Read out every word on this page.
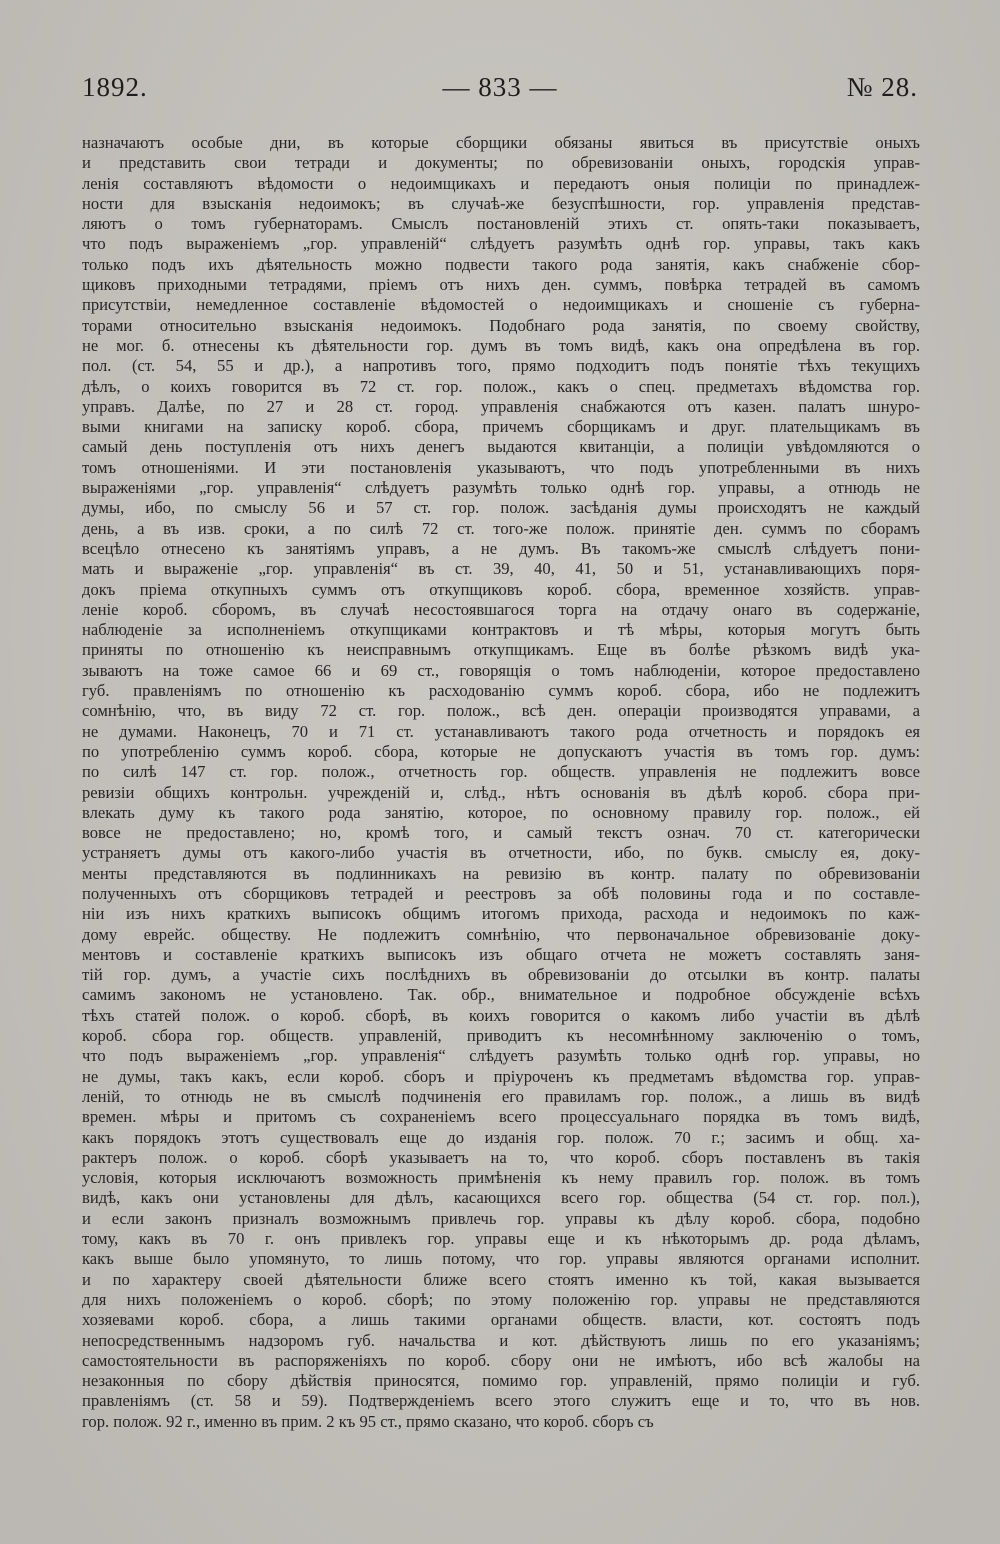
1892.	— 833 —	№ 28.
назначаютъ особые дни, въ которые сборщики обязаны явиться въ присутствіе оныхъ
и представить свои тетради и документы; по обревизованіи оныхъ, городскія управ-
ленія составляютъ вѣдомости о недоимщикахъ и передаютъ оныя полиціи по принадлеж-
ности для взысканія недоимокъ; въ случаѣ-же безуспѣшности, гор. управленія представ-
ляютъ о томъ губернаторамъ. Смыслъ постановленій этихъ ст. опять-таки показываетъ,
что подъ выраженіемъ „гор. управленій“ слѣдуетъ разумѣть однѣ гор. управы, такъ какъ
только подъ ихъ дѣятельность можно подвести такого рода занятія, какъ снабженіе сбор-
щиковъ приходными тетрадями, пріемъ отъ нихъ ден. суммъ, повѣрка тетрадей въ самомъ
присутствіи, немедленное составленіе вѣдомостей о недоимщикахъ и сношеніе съ губерна-
торами относительно взысканія недоимокъ. Подобнаго рода занятія, по своему свойству,
не мог. б. отнесены къ дѣятельности гор. думъ въ томъ видѣ, какъ она опредѣлена въ гор.
пол. (ст. 54, 55 и др.), а напротивъ того, прямо подходитъ подъ понятіе тѣхъ текущихъ
дѣлъ, о коихъ говорится въ 72 ст. гор. полож., какъ о спец. предметахъ вѣдомства гор.
управъ. Далѣе, по 27 и 28 ст. город. управленія снабжаются отъ казен. палатъ шнуро-
выми книгами на записку короб. сбора, причемъ сборщикамъ и друг. плательщикамъ въ
самый день поступленія отъ нихъ денегъ выдаются квитанціи, а полиціи увѣдомляются о
томъ отношеніями. И эти постановленія указываютъ, что подъ употребленными въ нихъ
выраженіями „гор. управленія“ слѣдуетъ разумѣть только однѣ гор. управы, а отнюдь не
думы, ибо, по смыслу 56 и 57 ст. гор. полож. засѣданія думы происходятъ не каждый
день, а въ изв. сроки, а по силѣ 72 ст. того-же полож. принятіе ден. суммъ по сборамъ
всецѣло отнесено къ занятіямъ управъ, а не думъ. Въ такомъ-же смыслѣ слѣдуетъ пони-
мать и выраженіе „гор. управленія“ въ ст. 39, 40, 41, 50 и 51, устанавливающихъ поря-
докъ пріема откупныхъ суммъ отъ откупщиковъ короб. сбора, временное хозяйств. управ-
леніе короб. сборомъ, въ случаѣ несостоявшагося торга на отдачу онаго въ содержаніе,
наблюденіе за исполненіемъ откупщиками контрактовъ и тѣ мѣры, которыя могутъ быть
приняты по отношенію къ неисправнымъ откупщикамъ. Еще въ болѣе рѣзкомъ видѣ ука-
зываютъ на тоже самое 66 и 69 ст., говорящія о томъ наблюденіи, которое предоставлено
губ. правленіямъ по отношенію къ расходованію суммъ короб. сбора, ибо не подлежитъ
сомнѣнію, что, въ виду 72 ст. гор. полож., всѣ ден. операціи производятся управами, а
не думами. Наконецъ, 70 и 71 ст. устанавливаютъ такого рода отчетность и порядокъ ея
по употребленію суммъ короб. сбора, которые не допускаютъ участія въ томъ гор. думъ:
по силѣ 147 ст. гор. полож., отчетность гор. обществ. управленія не подлежитъ вовсе
ревизіи общихъ контрольн. учрежденій и, слѣд., нѣтъ основанія въ дѣлѣ короб. сбора при-
влекать думу къ такого рода занятію, которое, по основному правилу гор. полож., ей
вовсе не предоставлено; но, кромѣ того, и самый текстъ означ. 70 ст. категорически
устраняетъ думы отъ какого-либо участія въ отчетности, ибо, по букв. смыслу ея, доку-
менты представляются въ подлинникахъ на ревизію въ контр. палату по обревизованіи
полученныхъ отъ сборщиковъ тетрадей и реестровъ за обѣ половины года и по составле-
ніи изъ нихъ краткихъ выписокъ общимъ итогомъ прихода, расхода и недоимокъ по каж-
дому еврейс. обществу. Не подлежитъ сомнѣнію, что первоначальное обревизованіе доку-
ментовъ и составленіе краткихъ выписокъ изъ общаго отчета не можетъ составлять заня-
тій гор. думъ, а участіе сихъ послѣднихъ въ обревизованіи до отсылки въ контр. палаты
самимъ закономъ не установлено. Так. обр., внимательное и подробное обсужденіе всѣхъ
тѣхъ статей полож. о короб. сборѣ, въ коихъ говорится о какомъ либо участіи въ дѣлѣ
короб. сбора гор. обществ. управленій, приводитъ къ несомнѣнному заключенію о томъ,
что подъ выраженіемъ „гор. управленія“ слѣдуетъ разумѣть только однѣ гор. управы, но
не думы, такъ какъ, если короб. сборъ и пріуроченъ къ предметамъ вѣдомства гор. управ-
леній, то отнюдь не въ смыслѣ подчиненія его правиламъ гор. полож., а лишь въ видѣ
времен. мѣры и притомъ съ сохраненіемъ всего процессуальнаго порядка въ томъ видѣ,
какъ порядокъ этотъ существовалъ еще до изданія гор. полож. 70 г.; засимъ и общ. ха-
рактеръ полож. о короб. сборѣ указываетъ на то, что короб. сборъ поставленъ въ такія
условія, которыя исключаютъ возможность примѣненія къ нему правилъ гор. полож. въ томъ
видѣ, какъ они установлены для дѣлъ, касающихся всего гор. общества (54 ст. гор. пол.),
и если законъ призналъ возможнымъ привлечь гор. управы къ дѣлу короб. сбора, подобно
тому, какъ въ 70 г. онъ привлекъ гор. управы еще и къ нѣкоторымъ др. рода дѣламъ,
какъ выше было упомянуто, то лишь потому, что гор. управы являются органами исполнит.
и по характеру своей дѣятельности ближе всего стоятъ именно къ той, какая вызывается
для нихъ положеніемъ о короб. сборѣ; по этому положенію гор. управы не представляются
хозяевами короб. сбора, а лишь такими органами обществ. власти, кот. состоятъ подъ
непосредственнымъ надзоромъ губ. начальства и кот. дѣйствуютъ лишь по его указаніямъ;
самостоятельности въ распоряженіяхъ по короб. сбору они не имѣютъ, ибо всѣ жалобы на
незаконныя по сбору дѣйствія приносятся, помимо гор. управленій, прямо полиціи и губ.
правленіямъ (ст. 58 и 59). Подтвержденіемъ всего этого служитъ еще и то, что въ нов.
гор. полож. 92 г., именно въ прим. 2 къ 95 ст., прямо сказано, что короб. сборъ съ
